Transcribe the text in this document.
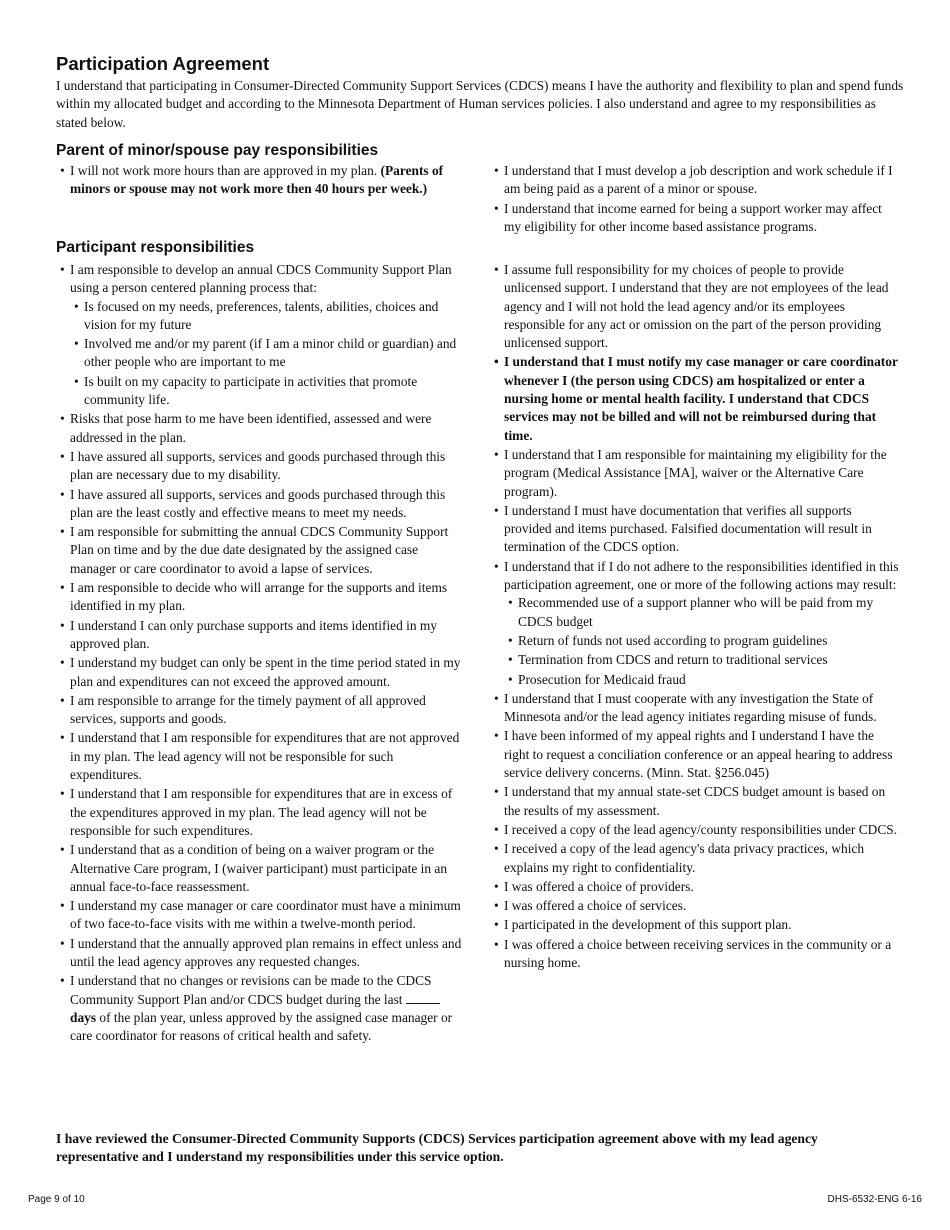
Participation Agreement

I understand that participating in Consumer-Directed Community Support Services (CDCS) means I have the authority and flexibility to plan and spend funds within my allocated budget and according to the Minnesota Department of Human services policies. I also understand and agree to my responsibilities as stated below.

Parent of minor/spouse pay responsibilities
• I will not work more hours than are approved in my plan. (Parents of minors or spouse may not work more then 40 hours per week.)
• I understand that I must develop a job description and work schedule if I am being paid as a parent of a minor or spouse.
• I understand that income earned for being a support worker may affect my eligibility for other income based assistance programs.
Participant responsibilities
• I am responsible to develop an annual CDCS Community Support Plan using a person centered planning process that:
• Is focused on my needs, preferences, talents, abilities, choices and vision for my future
• Involved me and/or my parent (if I am a minor child or guardian) and other people who are important to me
• Is built on my capacity to participate in activities that promote community life.
• Risks that pose harm to me have been identified, assessed and were addressed in the plan.
• I have assured all supports, services and goods purchased through this plan are necessary due to my disability.
• I have assured all supports, services and goods purchased through this plan are the least costly and effective means to meet my needs.
• I am responsible for submitting the annual CDCS Community Support Plan on time and by the due date designated by the assigned case manager or care coordinator to avoid a lapse of services.
• I am responsible to decide who will arrange for the supports and items identified in my plan.
• I understand I can only purchase supports and items identified in my approved plan.
• I understand my budget can only be spent in the time period stated in my plan and expenditures can not exceed the approved amount.
• I am responsible to arrange for the timely payment of all approved services, supports and goods.
• I understand that I am responsible for expenditures that are not approved in my plan. The lead agency will not be responsible for such expenditures.
• I understand that I am responsible for expenditures that are in excess of the expenditures approved in my plan. The lead agency will not be responsible for such expenditures.
• I understand that as a condition of being on a waiver program or the Alternative Care program, I (waiver participant) must participate in an annual face-to-face reassessment.
• I understand my case manager or care coordinator must have a minimum of two face-to-face visits with me within a twelve-month period.
• I understand that the annually approved plan remains in effect unless and until the lead agency approves any requested changes.
• I understand that no changes or revisions can be made to the CDCS Community Support Plan and/or CDCS budget during the last  days of the plan year, unless approved by the assigned case manager or care coordinator for reasons of critical health and safety.
• I assume full responsibility for my choices of people to provide unlicensed support. I understand that they are not employees of the lead agency and I will not hold the lead agency and/or its employees responsible for any act or omission on the part of the person providing unlicensed support.
• I understand that I must notify my case manager or care coordinator whenever I (the person using CDCS) am hospitalized or enter a nursing home or mental health facility. I understand that CDCS services may not be billed and will not be reimbursed during that time.
• I understand that I am responsible for maintaining my eligibility for the program (Medical Assistance [MA], waiver or the Alternative Care program).
• I understand I must have documentation that verifies all supports provided and items purchased. Falsified documentation will result in termination of the CDCS option.
• I understand that if I do not adhere to the responsibilities identified in this participation agreement, one or more of the following actions may result:
• Recommended use of a support planner who will be paid from my CDCS budget
• Return of funds not used according to program guidelines
• Termination from CDCS and return to traditional services
• Prosecution for Medicaid fraud
• I understand that I must cooperate with any investigation the State of Minnesota and/or the lead agency initiates regarding misuse of funds.
• I have been informed of my appeal rights and I understand I have the right to request a conciliation conference or an appeal hearing to address service delivery concerns. (Minn. Stat. §256.045)
• I understand that my annual state-set CDCS budget amount is based on the results of my assessment.
• I received a copy of the lead agency/county responsibilities under CDCS.
• I received a copy of the lead agency's data privacy practices, which explains my right to confidentiality.
• I was offered a choice of providers.
• I was offered a choice of services.
• I participated in the development of this support plan.
• I was offered a choice between receiving services in the community or a nursing home.

I have reviewed the Consumer-Directed Community Supports (CDCS) Services participation agreement above with my lead agency representative and I understand my responsibilities under this service option.

Page 9 of 10	DHS-6532-ENG 6-16
